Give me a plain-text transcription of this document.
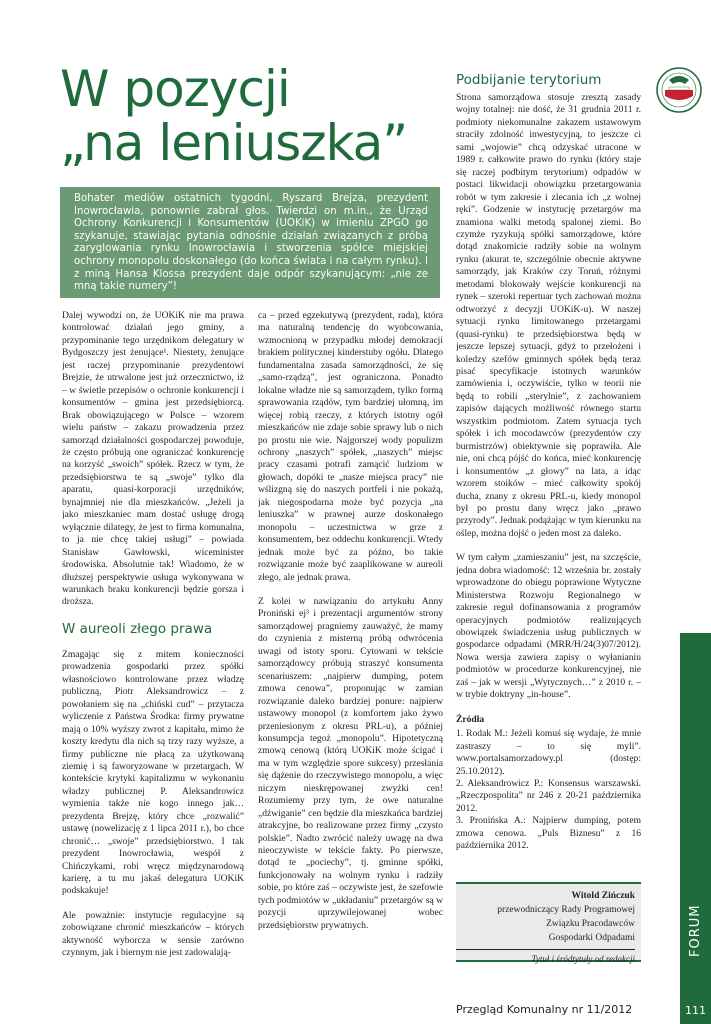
W pozycji
„na leniuszka”
Bohater mediów ostatnich tygodni, Ryszard Brejza, prezydent Inowrocławia, ponownie zabrał głos. Twierdzi on m.in., że Urząd Ochrony Konkurencji i Konsumentów (UOKiK) w imieniu ZPGO go szykanuje, stawiając pytania odnośnie działań związanych z próbą zaryglowania rynku Inowrocławia i stworzenia spółce miejskiej ochrony monopolu doskonałego (do końca świata i na całym rynku). I z miną Hansa Klossa prezydent daje odpór szykanującym: „nie ze mną takie numery”!

Dalej wywodzi on, że UOKiK nie ma prawa kontrolować działań jego gminy, a przypominanie tego urzędnikom delegatury w Bydgoszczy jest żenujące¹. Niestety, żenujące jest raczej przypominanie prezydentowi Brejzie, że utrwalone jest już orzecznictwo, iż – w świetle przepisów o ochronie konkurencji i konsumentów – gmina jest przedsiębiorcą. Brak obowiązującego w Polsce – wzorem wielu państw – zakazu prowadzenia przez samorząd działalności gospodarczej powoduje, że często próbują one ograniczać konkurencję na korzyść „swoich” spółek. Rzecz w tym, że przedsiębiorstwa te są „swoje” tylko dla aparatu, quasi-korporacji urzędników, bynajmniej nie dla mieszkańców. „Jeżeli ja jako mieszkaniec mam dostać usługę drogą wyłącznie dilategy, że jest to firma komunalna, to ja nie chcę takiej usługi” – powiada Stanisław Gawłowski, wiceminister środowiska. Absolutnie tak! Wiadomo, że w dłuższej perspektywie usługa wykonywana w warunkach braku konkurencji będzie gorsza i droższa.

W aureoli złego prawa

Zmagając się z mitem konieczności prowadzenia gospodarki przez spółki własnościowo kontrolowane przez władzę publiczną, Piotr Aleksandrowicz – z powołaniem się na „chiński cud” – przytacza wyliczenie z Państwa Środka: firmy prywatne mają o 10% wyższy zwrot z kapitału, mimo że koszty kredytu dla nich są trzy razy wyższe, a firmy publiczne nie płacą za użytkowaną ziemię i są faworyzowane w przetargach. W kontekście krytyki kapitalizmu w wykonaniu władzy publicznej P. Aleksandrowicz wymienia także nie kogo innego jak… prezydenta Brejzę, który chce „rozwalić” ustawę (nowelizację z 1 lipca 2011 r.), bo chce chronić… „swoje” przedsiębiorstwo. I tak prezydent Inowrocławia, wespół z Chińczykami, robi wręcz międzynarodową karierę, a tu mu jakaś delegatura UOKiK podskakuje!

Ale poważnie: instytucje regulacyjne są zobowiązane chronić mieszkańców – których aktywność wyborcza w sensie zarówno czynnym, jak i biernym nie jest zadowalają-

ca – przed egzekutywą (prezydent, rada), która ma naturalną tendencję do wyobcowania, wzmocnioną w przypadku młodej demokracji brakiem politycznej kinderstuby ogółu. Dlatego fundamentalna zasada samorządności, że się „samo-rządzą”, jest ograniczona. Ponadto lokalne władze nie są samorządem, tylko formą sprawowania rządów, tym bardziej ułomną, im więcej robią rzeczy, z których istotny ogół mieszkańców nie zdaje sobie sprawy lub o nich po prostu nie wie. Najgorszej wody populizm ochrony „naszych” spółek, „naszych” miejsc pracy czasami potrafi zamącić ludziom w głowach, dopóki te „nasze miejsca pracy” nie wślizgną się do naszych portfeli i nie pokażą, jak niegospodarna może być pozycja „na leniuszka” w prawnej aurze doskonałego monopolu – uczestnictwa w grze z konsumentem, bez oddechu konkurencji. Wtedy jednak może być za późno, bo takie rozwiązanie może być zaaplikowane w aureoli złego, ale jednak prawa.

Z kolei w nawiązaniu do artykułu Anny Proniński ej³ i prezentacji argumentów strony samorządowej pragniemy zauważyć, że mamy do czynienia z misterną próbą odwrócenia uwagi od istoty sporu. Cytowani w tekście samorządowcy próbują straszyć konsumenta scenariuszem: „najpierw dumping, potem zmowa cenowa”, proponując w zamian rozwiązanie daleko bardziej ponure: najpierw ustawowy monopol (z komfortem jako żywo przeniesionym z okresu PRL-u), a później konsumpcja tegoż „monopolu”. Hipotetyczną zmową cenową (którą UOKiK może ścigać i ma w tym względzie spore sukcesy) przesłania się dążenie do rzeczywistego monopolu, a więc niczym nieskrępowanej zwyżki cen! Rozumiemy przy tym, że owe naturalne „dźwiganie” cen będzie dla mieszkańca bardziej atrakcyjne, bo realizowane przez firmy „czysto polskie”. Nadto zwrócić należy uwagę na dwa nieoczywiste w tekście fakty. Po pierwsze, dotąd te „pociechy”, tj. gminne spółki, funkcjonowały na wolnym rynku i radziły sobie, po które zaś – oczywiste jest, że szefowie tych podmiotów w „układaniu” przetargów są w pozycji uprzywilejowanej wobec przedsiębiorstw prywatnych.

Podbijanie terytorium

Strona samorządowa stosuje zresztą zasady wojny totalnej: nie dość, że 31 grudnia 2011 r. podmioty niekomunalne zakazem ustawowym straciły zdolność inwestycyjną, to jeszcze ci sami „wojowie” chcą odzyskać utracone w 1989 r. całkowite prawo do rynku (który staje się raczej podbitym terytorium) odpadów w postaci likwidacji obowiązku przetargowania robót w tym zakresie i zlecania ich „z wolnej ręki”. Godzenie w instytucję przetargów ma znamiona walki metodą spalonej ziemi. Bo czymże ryzykują spółki samorządowe, które dotąd znakomicie radziły sobie na wolnym rynku (akurat te, szczególnie obecnie aktywne samorządy, jak Kraków czy Toruń, różnymi metodami blokowały wejście konkurencji na rynek – szeroki repertuar tych zachowań można odtworzyć z decyzji UOKiK-u). W naszej sytuacji rynku limitowanego przetargami (quasi-rynku) te przedsiębiorstwa będą w jeszcze lepszej sytuacji, gdyż to przełożeni i koledzy szefów gminnych spółek będą teraz pisać specyfikacje istotnych warunków zamówienia i, oczywiście, tylko w teorii nie będą to robili „sterylnie”, z zachowaniem zapisów dających możliwość równego startu wszystkim podmiotom. Zatem sytuacja tych spółek i ich mocodawców (prezydentów czy burmistrzów) obiektywnie się poprawiła. Ale nie, oni chcą pójść do końca, mieć konkurencję i konsumentów „z głowy” na lata, a idąc wzorem stoików – mieć całkowity spokój ducha, znany z okresu PRL-u, kiedy monopol był po prostu dany wręcz jako „prawo przyrody”. Jednak podążając w tym kierunku na oślep, można dojść o jeden most za daleko.

W tym całym „zamieszaniu” jest, na szczęście, jedna dobra wiadomość: 12 września br. zostały wprowadzone do obiegu poprawione Wytyczne Ministerstwa Rozwoju Regionalnego w zakresie reguł dofinansowania z programów operacyjnych podmiotów realizujących obowiązek świadczenia usług publicznych w gospodarce odpadami (MRR/H/24(3)07/2012). Nowa wersja zawiera zapisy o wyłanianiu podmiotów w procedurze konkurencyjnej, nie zaś – jak w wersji „Wytycznych…” z 2010 r. – w trybie doktryny „in-house”.

Źródła
1. Rodak M.: Jeżeli komuś się wydaje, że mnie zastraszy – to się myli”. www.portalsamorzadowy.pl (dostęp: 25.10.2012).
2. Aleksandrowicz P.: Konsensus warszawski. „Rzeczpospolita” nr 246 z 20-21 października 2012.
3. Pronińska A.: Najpierw dumping, potem zmowa cenowa. „Puls Biznesu” z 16 października 2012.
Witold Zińczuk
przewodniczący Rady Programowej
Związku Pracodawców
Gospodarki Odpadami
Tytuł i śródtytuły od redakcji
FORUM
111
Przegląd Komunalny nr 11/2012
